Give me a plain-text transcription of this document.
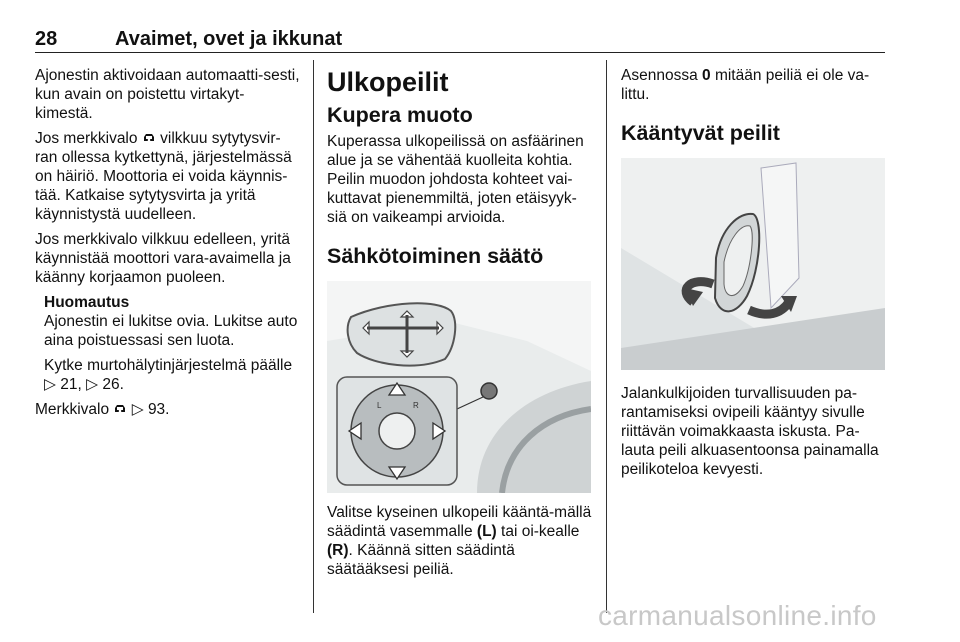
28	Avaimet, ovet ja ikkunat

Ajonestin aktivoidaan automaatti-sesti, kun avain on poistettu virtakyt-kimestä.

Jos merkkivalo vilkkuu sytytysvir-ran ollessa kytkettynä, järjestelmässä on häiriö. Moottoria ei voida käynnis-tää. Katkaise sytytysvirta ja yritä käynnistystä uudelleen.

Jos merkkivalo vilkkuu edelleen, yritä käynnistää moottori vara-avaimella ja käänny korjaamon puoleen.

Huomautus

Ajonestin ei lukitse ovia. Lukitse auto aina poistuessasi sen luota.

Kytke murtohälytinjärjestelmä päälle ▷ 21, ▷ 26.

Merkkivalo ▷ 93.

Ulkopeilit
Kupera muoto

Kuperassa ulkopeilissä on asfäärinen alue ja se vähentää kuolleita kohtia. Peilin muodon johdosta kohteet vai-kuttavat pienemmiltä, joten etäisyyk-siä on vaikeampi arvioida.

Sähkötoiminen säätö
L	R

Valitse kyseinen ulkopeili kääntä-mällä säädintä vasemmalle (L) tai oi-kealle (R). Käännä sitten säädintä säätääksesi peiliä.

Asennossa 0 mitään peiliä ei ole va-littu.

Kääntyvät peilit

Jalankulkijoiden turvallisuuden pa-rantamiseksi ovipeili kääntyy sivulle riittävän voimakkaasta iskusta. Pa-lauta peili alkuasentoonsa painamalla peilikoteloa kevyesti.

carmanualsonline.info
